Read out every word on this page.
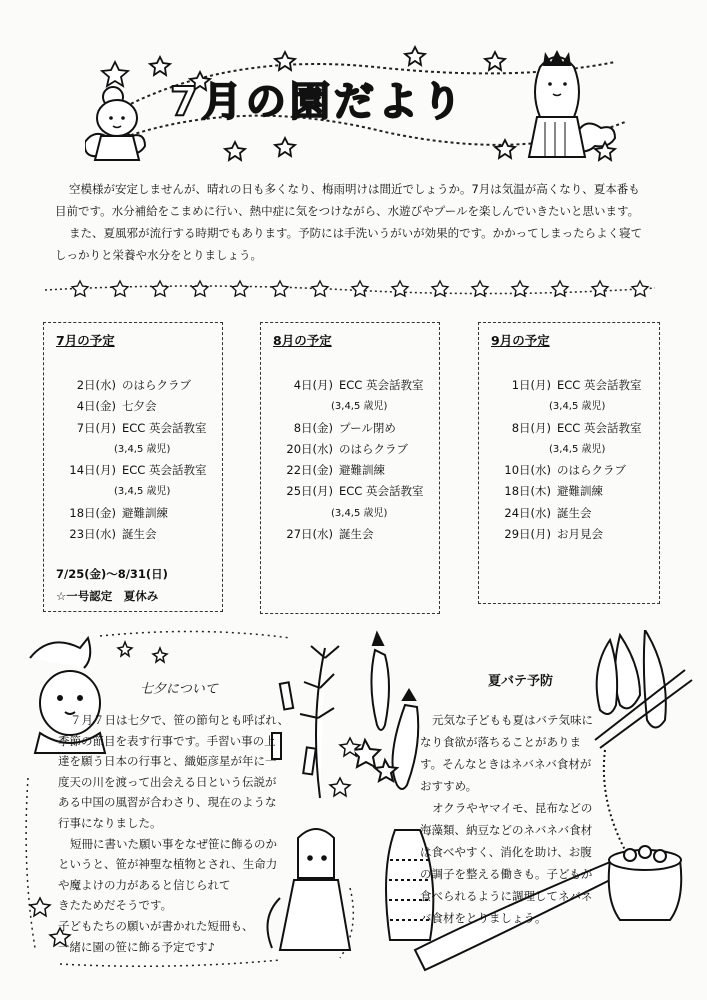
7月の園だより

空模様が安定しませんが、晴れの日も多くなり、梅雨明けは間近でしょうか。7月は気温が高くなり、夏本番も

目前です。水分補給をこまめに行い、熱中症に気をつけながら、水遊びやプールを楽しんでいきたいと思います。

また、夏風邪が流行する時期でもあります。予防には手洗いうがいが効果的です。かかってしまったらよく寝て

しっかりと栄養や水分をとりましょう。

7月の予定
2日(水) のはらクラブ
4日(金) 七夕会
7日(月) ECC 英会話教室
(3,4,5 歳児)
14日(月) ECC 英会話教室
(3,4,5 歳児)
18日(金) 避難訓練
23日(水) 誕生会
7/25(金)～8/31(日)
☆一号認定　夏休み
8月の予定
4日(月) ECC 英会話教室
(3,4,5 歳児)
8日(金) プール閉め
20日(水) のはらクラブ
22日(金) 避難訓練
25日(月) ECC 英会話教室
(3,4,5 歳児)
27日(水) 誕生会
9月の予定
1日(月) ECC 英会話教室
(3,4,5 歳児)
8日(月) ECC 英会話教室
(3,4,5 歳児)
10日(水) のはらクラブ
18日(木) 避難訓練
24日(水) 誕生会
29日(月) お月見会
七夕について

７月７日は七夕で、笹の節句とも呼ばれ、

季節の節目を表す行事です。手習い事の上

達を願う日本の行事と、織姫彦星が年に一

度天の川を渡って出会える日という伝説が

ある中国の風習が合わさり、現在のような

行事になりました。

短冊に書いた願い事をなぜ笹に飾るのか

というと、笹が神聖な植物とされ、生命力

や魔よけの力があると信じられて

きたためだそうです。

子どもたちの願いが書かれた短冊も、

一緒に園の笹に飾る予定です♪

夏バテ予防

元気な子どもも夏はバテ気味に

なり食欲が落ちることがありま

す。そんなときはネバネバ食材が

おすすめ。

オクラやヤマイモ、昆布などの

海藻類、納豆などのネバネバ食材

は食べやすく、消化を助け、お腹

の調子を整える働きも。子どもが

食べられるように調理してネバネ

バ食材をとりましょう。
